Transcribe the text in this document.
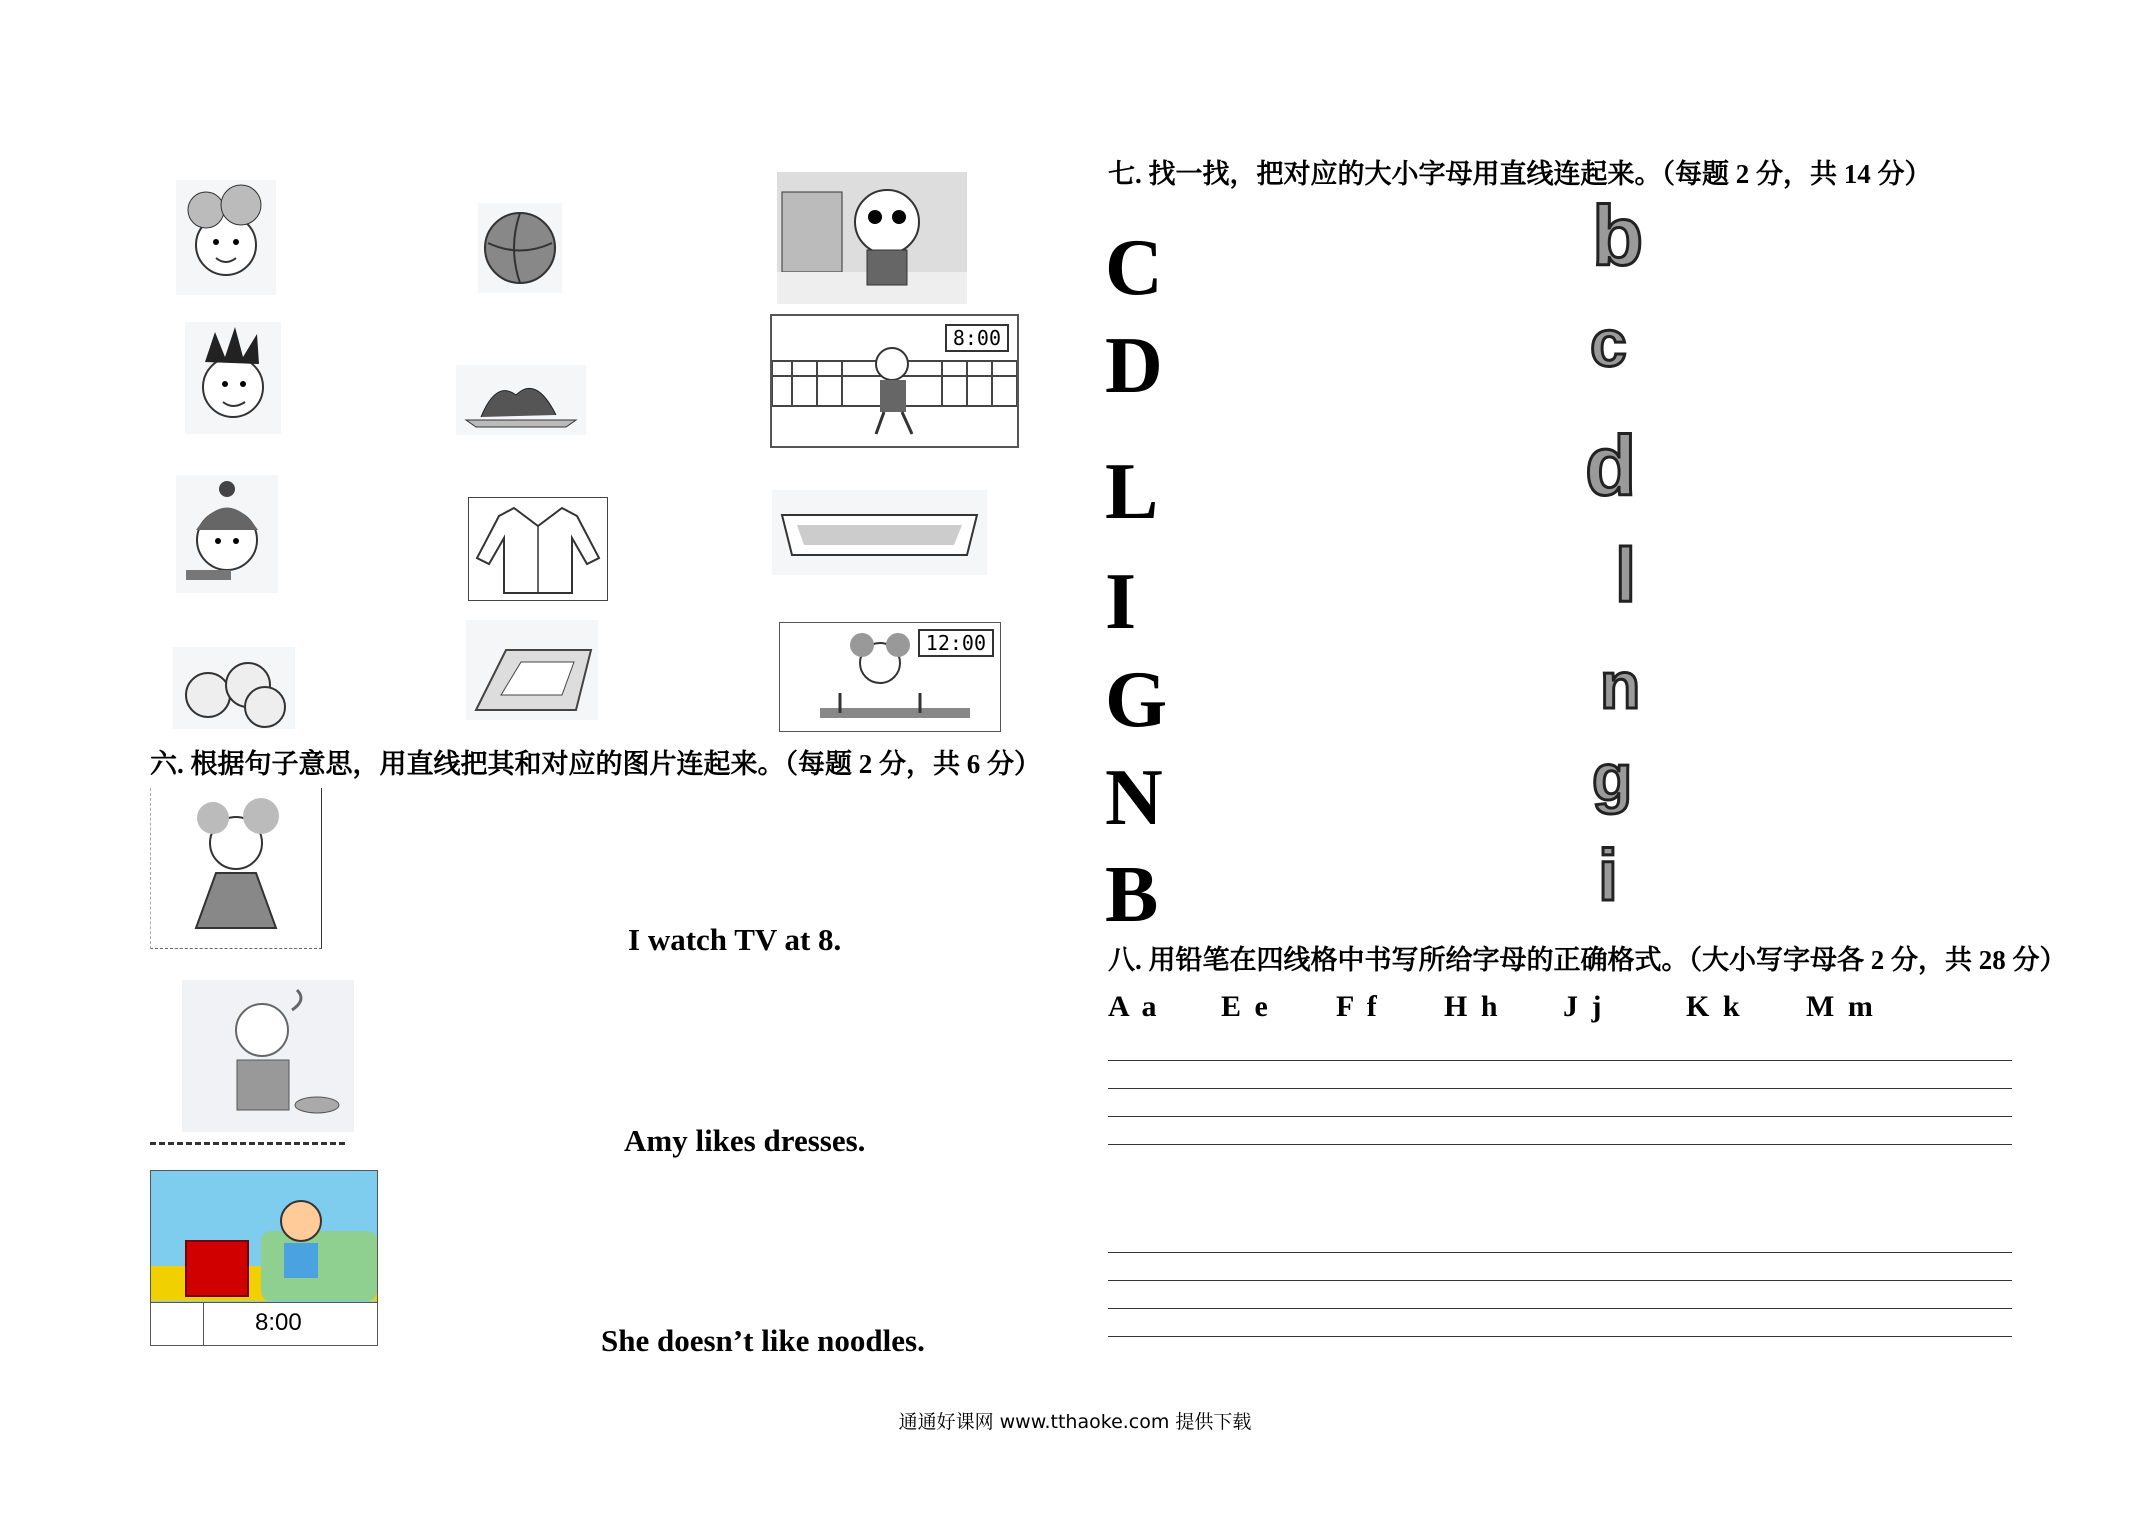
8:00
12:00
六. 根据句子意思，用直线把其和对应的图片连起来。（每题 2 分，共 6 分）
8:00
I watch TV at 8.
Amy likes dresses.
She doesn’t like noodles.
七. 找一找，把对应的大小字母用直线连起来。（每题 2 分，共 14 分）
C
D
L
I
G
N
B
b
c
d
l
n
g
i
八. 用铅笔在四线格中书写所给字母的正确格式。（大小写字母各 2 分，共 28 分）
A a E e F f H h J j	K k M m
通通好课网 www.tthaoke.com 提供下载
